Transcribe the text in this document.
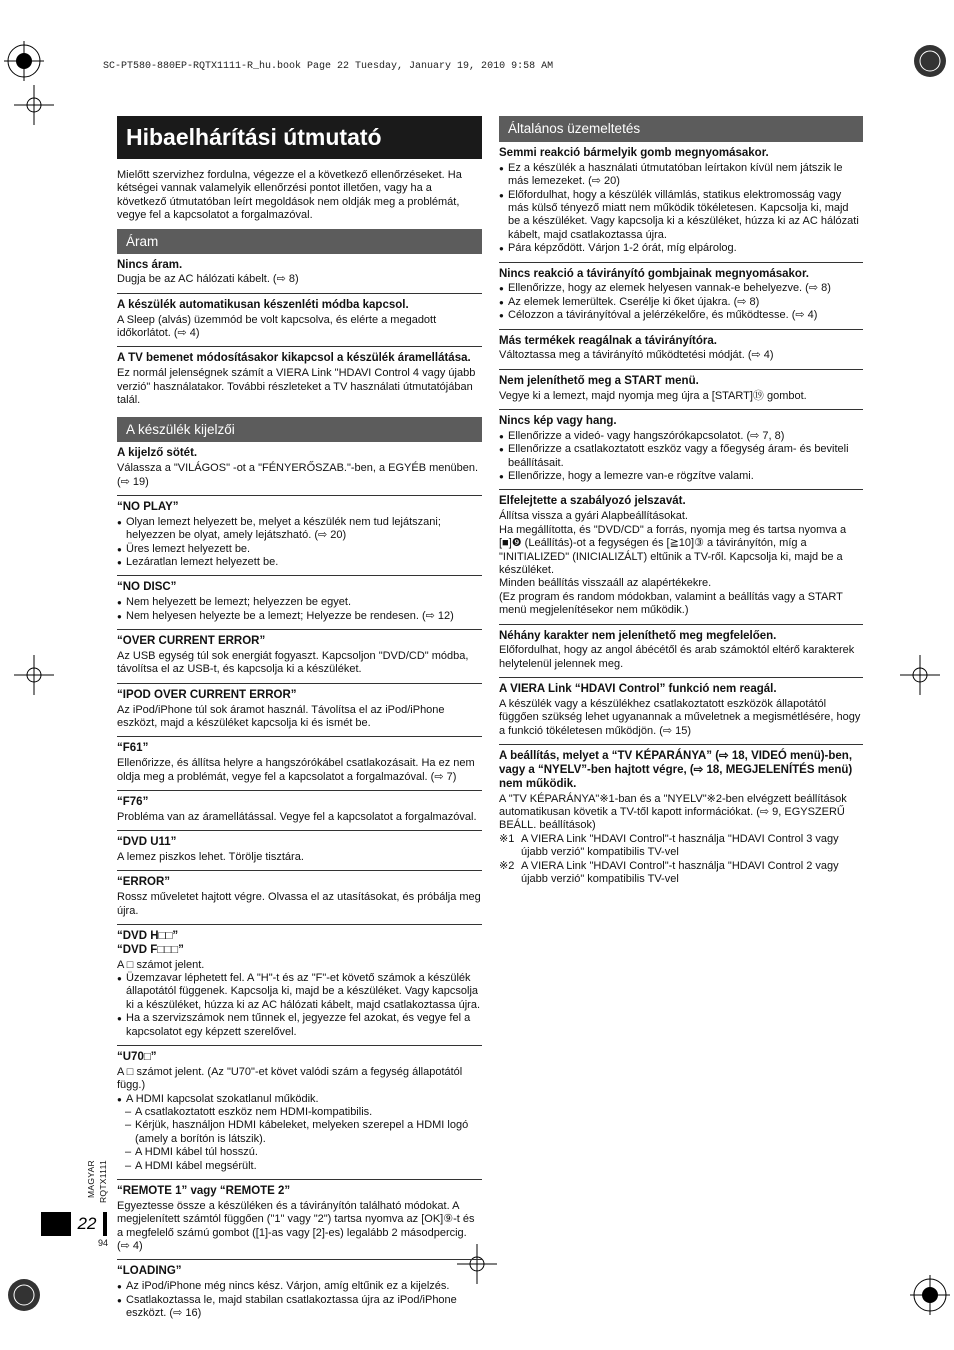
SC-PT580-880EP-RQTX1111-R_hu.book Page 22 Tuesday, January 19, 2010 9:58 AM
Hibaelhárítási útmutató
Mielőtt szervizhez fordulna, végezze el a következő ellenőrzéseket. Ha kétségei vannak valamelyik ellenőrzési pontot illetően, vagy ha a következő útmutatóban leírt megoldások nem oldják meg a problémát, vegye fel a kapcsolatot a forgalmazóval.
Áram
Nincs áram.

Dugja be az AC hálózati kábelt. (⇨ 8)

A készülék automatikusan készenléti módba kapcsol.

A Sleep (alvás) üzemmód be volt kapcsolva, és elérte a megadott időkorlátot. (⇨ 4)

A TV bemenet módosításakor kikapcsol a készülék áramellátása.

Ez normál jelenségnek számít a VIERA Link "HDAVI Control 4 vagy újabb verzió" használatakor. További részleteket a TV használati útmutatójában talál.

A készülék kijelzői
A kijelző sötét.

Válassza a "VILÁGOS" -ot a "FÉNYERŐSZAB."-ben, a EGYÉB menüben. (⇨ 19)

“NO PLAY”
● Olyan lemezt helyezett be, melyet a készülék nem tud lejátszani; helyezzen be olyat, amely lejátszható. (⇨ 20)
● Üres lemezt helyezett be.
● Lezáratlan lemezt helyezett be.
“NO DISC”
● Nem helyezett be lemezt; helyezzen be egyet.
● Nem helyesen helyezte be a lemezt; Helyezze be rendesen. (⇨ 12)
“OVER CURRENT ERROR”

Az USB egység túl sok energiát fogyaszt. Kapcsoljon "DVD/CD" módba, távolítsa el az USB-t, és kapcsolja ki a készüléket.

“IPOD OVER CURRENT ERROR”

Az iPod/iPhone túl sok áramot használ. Távolítsa el az iPod/iPhone eszközt, majd a készüléket kapcsolja ki és ismét be.

“F61”

Ellenőrizze, és állítsa helyre a hangszórókábel csatlakozásait. Ha ez nem oldja meg a problémát, vegye fel a kapcsolatot a forgalmazóval. (⇨ 7)

“F76”

Probléma van az áramellátással. Vegye fel a kapcsolatot a forgalmazóval.

“DVD U11”

A lemez piszkos lehet. Törölje tisztára.

“ERROR”

Rossz műveletet hajtott végre. Olvassa el az utasításokat, és próbálja meg újra.

“DVD H□□”
“DVD F□□□”

A □ számot jelent.

● Üzemzavar léphetett fel. A "H"-t és az "F"-et követő számok a készülék állapotától függenek. Kapcsolja ki, majd be a készüléket. Vagy kapcsolja ki a készüléket, húzza ki az AC hálózati kábelt, majd csatlakoztassa újra.
● Ha a szervizszámok nem tűnnek el, jegyezze fel azokat, és vegye fel a kapcsolatot egy képzett szerelővel.
“U70□”

A □ számot jelent. (Az "U70"-et követ valódi szám a fegység állapotától függ.)

● A HDMI kapcsolat szokatlanul működik.
– A csatlakoztatott eszköz nem HDMI-kompatibilis.
– Kérjük, használjon HDMI kábeleket, melyeken szerepel a HDMI logó (amely a borítón is látszik).
– A HDMI kábel túl hosszú.
– A HDMI kábel megsérült.
“REMOTE 1” vagy “REMOTE 2”

Egyeztesse össze a készüléken és a távirányítón található módokat. A megjelenített számtól függően ("1" vagy "2") tartsa nyomva az [OK]⑨-t és a megfelelő számú gombot ([1]-as vagy [2]-es) legalább 2 másodpercig. (⇨ 4)

“LOADING”
● Az iPod/iPhone még nincs kész. Várjon, amíg eltűnik ez a kijelzés.
● Csatlakoztassa le, majd stabilan csatlakoztassa újra az iPod/iPhone eszközt. (⇨ 16)
Általános üzemeltetés
Semmi reakció bármelyik gomb megnyomásakor.
● Ez a készülék a használati útmutatóban leírtakon kívül nem játszik le más lemezeket. (⇨ 20)
● Előfordulhat, hogy a készülék villámlás, statikus elektromosság vagy más külső tényező miatt nem működik tökéletesen. Kapcsolja ki, majd be a készüléket. Vagy kapcsolja ki a készüléket, húzza ki az AC hálózati kábelt, majd csatlakoztassa újra.
● Pára képződött. Várjon 1-2 órát, míg elpárolog.
Nincs reakció a távirányító gombjainak megnyomásakor.
● Ellenőrizze, hogy az elemek helyesen vannak-e behelyezve. (⇨ 8)
● Az elemek lemerültek. Cserélje ki őket újakra. (⇨ 8)
● Célozzon a távirányítóval a jelérzékelőre, és működtesse. (⇨ 4)
Más termékek reagálnak a távirányítóra.

Változtassa meg a távirányító működtetési módját. (⇨ 4)

Nem jeleníthető meg a START menü.

Vegye ki a lemezt, majd nyomja meg újra a [START]⑲ gombot.

Nincs kép vagy hang.
● Ellenőrizze a videó- vagy hangszórókapcsolatot. (⇨ 7, 8)
● Ellenőrizze a csatlakoztatott eszköz vagy a főegység áram- és beviteli beállításait.
● Ellenőrizze, hogy a lemezre van-e rögzítve valami.
Elfelejtette a szabályozó jelszavát.

Állítsa vissza a gyári Alapbeállításokat.

Ha megállította, és "DVD/CD" a forrás, nyomja meg és tartsa nyomva a [■]❾ (Leállítás)-ot a fegységen és [≧10]③ a távirányítón, míg a "INITIALIZED" (INICIALIZÁLT) eltűnik a TV-ről. Kapcsolja ki, majd be a készüléket.

Minden beállítás visszaáll az alapértékekre.

(Ez program és random módokban, valamint a beállítás vagy a START menü megjelenítésekor nem működik.)

Néhány karakter nem jeleníthető meg megfelelően.

Előfordulhat, hogy az angol ábécétől és arab számoktól eltérő karakterek helytelenül jelennek meg.

A VIERA Link “HDAVI Control” funkció nem reagál.

A készülék vagy a készülékhez csatlakoztatott eszközök állapotától függően szükség lehet ugyanannak a műveletnek a megismétlésére, hogy a funkció tökéletesen működjön. (⇨ 15)

A beállítás, melyet a “TV KÉPARÁNYA” (⇨ 18, VIDEÓ menü)-ben, vagy a “NYELV”-ben hajtott végre, (⇨ 18, MEGJELENÍTÉS menü) nem működik.

A "TV KÉPARÁNYA"※1-ban és a "NYELV"※2-ben elvégzett beállítások automatikusan követik a TV-től kapott információkat. (⇨ 9, EGYSZERŰ BEÁLL. beállítások)

※1 A VIERA Link "HDAVI Control"-t használja "HDAVI Control 3 vagy újabb verzió" kompatibilis TV-vel
※2 A VIERA Link "HDAVI Control"-t használja "HDAVI Control 2 vagy újabb verzió" kompatibilis TV-vel
MAGYAR RQTX1111
22
94
